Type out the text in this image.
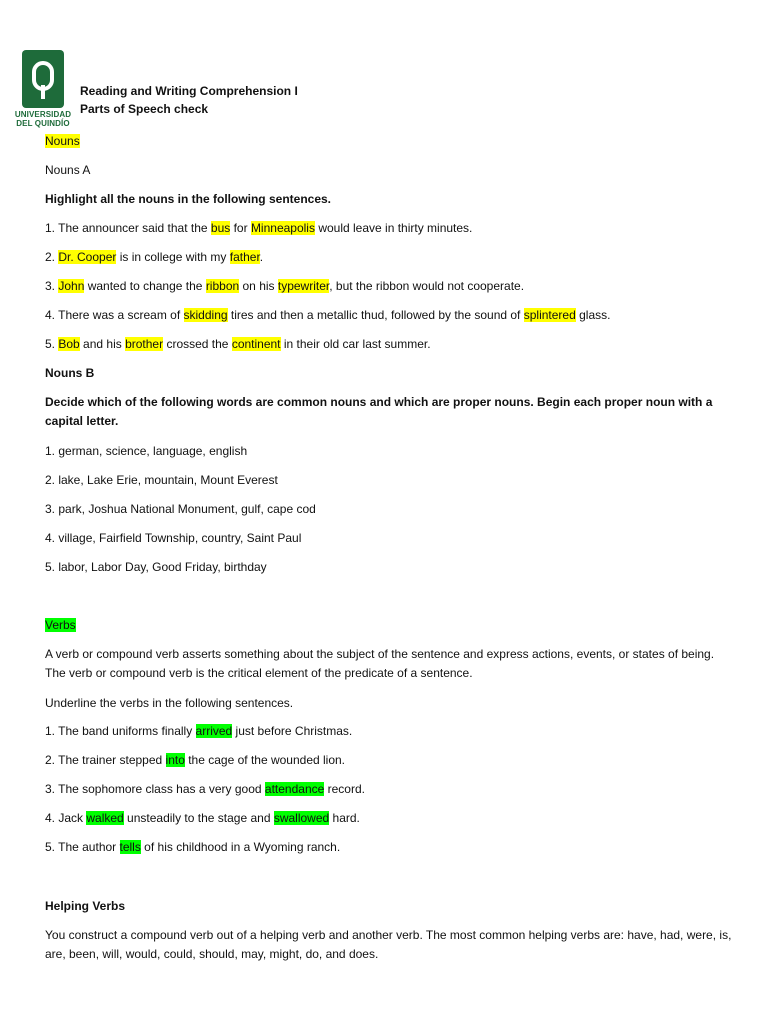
UNIVERSIDAD
DEL QUINDÍO
Reading and Writing Comprehension I
Parts of Speech check
Nouns
Nouns A
Highlight all the nouns in the following sentences.
1. The announcer said that the bus for Minneapolis would leave in thirty minutes.
2. Dr. Cooper is in college with my father.
3. John wanted to change the ribbon on his typewriter, but the ribbon would not cooperate.
4. There was a scream of skidding tires and then a metallic thud, followed by the sound of splintered glass.
5. Bob and his brother crossed the continent in their old car last summer.
Nouns B
Decide which of the following words are common nouns and which are proper nouns. Begin each proper noun with a capital letter.
1. german, science, language, english
2. lake, Lake Erie, mountain, Mount Everest
3. park, Joshua National Monument, gulf, cape cod
4. village, Fairfield Township, country, Saint Paul
5. labor, Labor Day, Good Friday, birthday
Verbs
A verb or compound verb asserts something about the subject of the sentence and express actions, events, or states of being. The verb or compound verb is the critical element of the predicate of a sentence.
Underline the verbs in the following sentences.
1. The band uniforms finally arrived just before Christmas.
2. The trainer stepped into the cage of the wounded lion.
3. The sophomore class has a very good attendance record.
4. Jack walked unsteadily to the stage and swallowed hard.
5. The author tells of his childhood in a Wyoming ranch.
Helping Verbs
You construct a compound verb out of a helping verb and another verb. The most common helping verbs are: have, had, were, is, are, been, will, would, could, should, may, might, do, and does.
